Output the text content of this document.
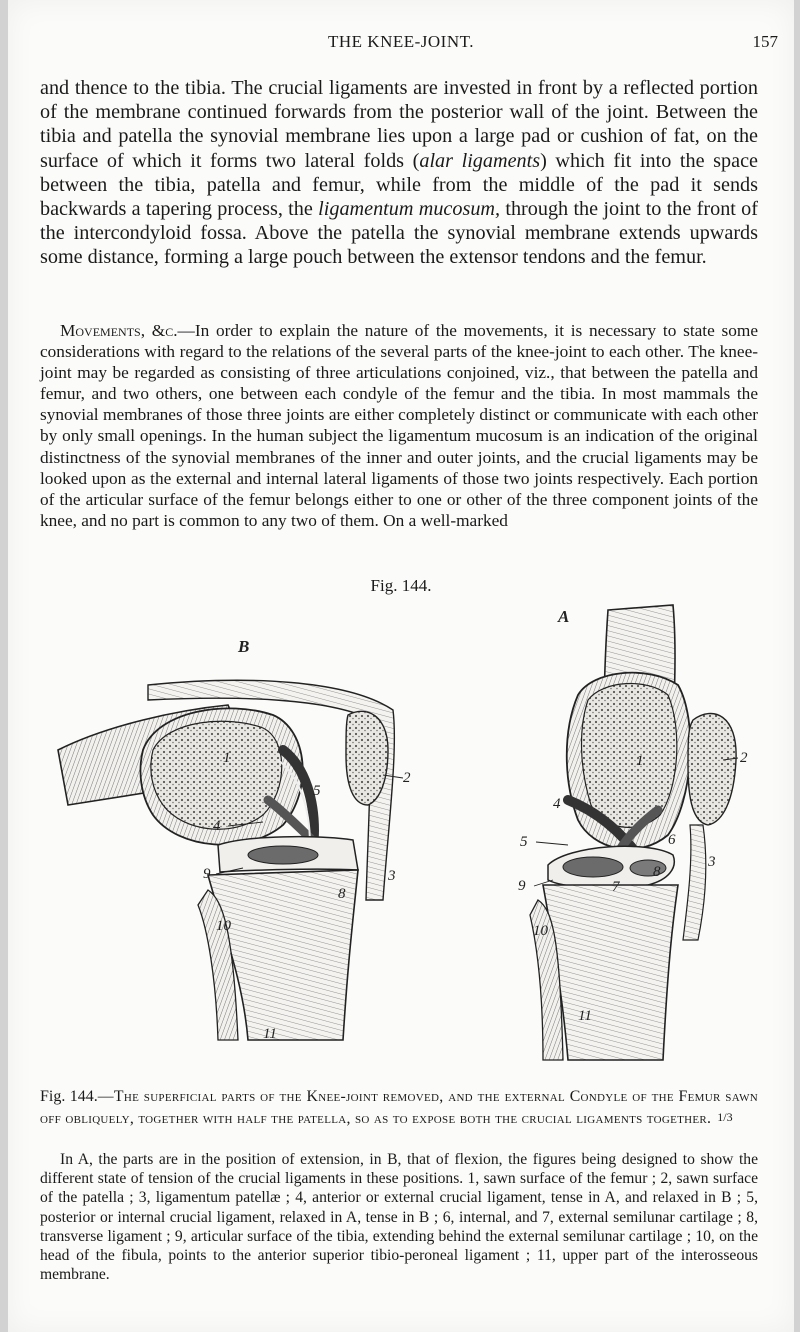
THE KNEE-JOINT.	157

and thence to the tibia. The crucial ligaments are invested in front by a reflected portion of the membrane continued forwards from the posterior wall of the joint. Between the tibia and patella the synovial membrane lies upon a large pad or cushion of fat, on the surface of which it forms two lateral folds (alar ligaments) which fit into the space between the tibia, patella and femur, while from the middle of the pad it sends backwards a tapering process, the ligamentum mucosum, through the joint to the front of the intercondyloid fossa. Above the patella the synovial membrane extends upwards some distance, forming a large pouch between the extensor tendons and the femur.

Movements, &c.—In order to explain the nature of the movements, it is necessary to state some considerations with regard to the relations of the several parts of the knee-joint to each other. The knee-joint may be regarded as consisting of three articulations conjoined, viz., that between the patella and femur, and two others, one between each condyle of the femur and the tibia. In most mammals the synovial membranes of those three joints are either completely distinct or communicate with each other by only small openings. In the human subject the ligamentum mucosum is an indication of the original distinctness of the synovial membranes of the inner and outer joints, and the crucial ligaments may be looked upon as the external and internal lateral ligaments of those two joints respectively. Each portion of the articular surface of the femur belongs either to one or other of the three component joints of the knee, and no part is common to any two of them. On a well-marked

Fig. 144.
B
1
2
3
4
5
8
9
10
11
A
1	2
3
4
5	6
7
8
9
10
11
Fig. 144.—The superficial parts of the Knee-joint removed, and the external Condyle of the Femur sawn off obliquely, together with half the patella, so as to expose both the crucial ligaments together. 1/3
In A, the parts are in the position of extension, in B, that of flexion, the figures being designed to show the different state of tension of the crucial ligaments in these positions. 1, sawn surface of the femur ; 2, sawn surface of the patella ; 3, ligamentum patellæ ; 4, anterior or external crucial ligament, tense in A, and relaxed in B ; 5, posterior or internal crucial ligament, relaxed in A, tense in B ; 6, internal, and 7, external semilunar cartilage ; 8, transverse ligament ; 9, articular surface of the tibia, extending behind the external semilunar cartilage ; 10, on the head of the fibula, points to the anterior superior tibio-peroneal ligament ; 11, upper part of the interosseous membrane.
